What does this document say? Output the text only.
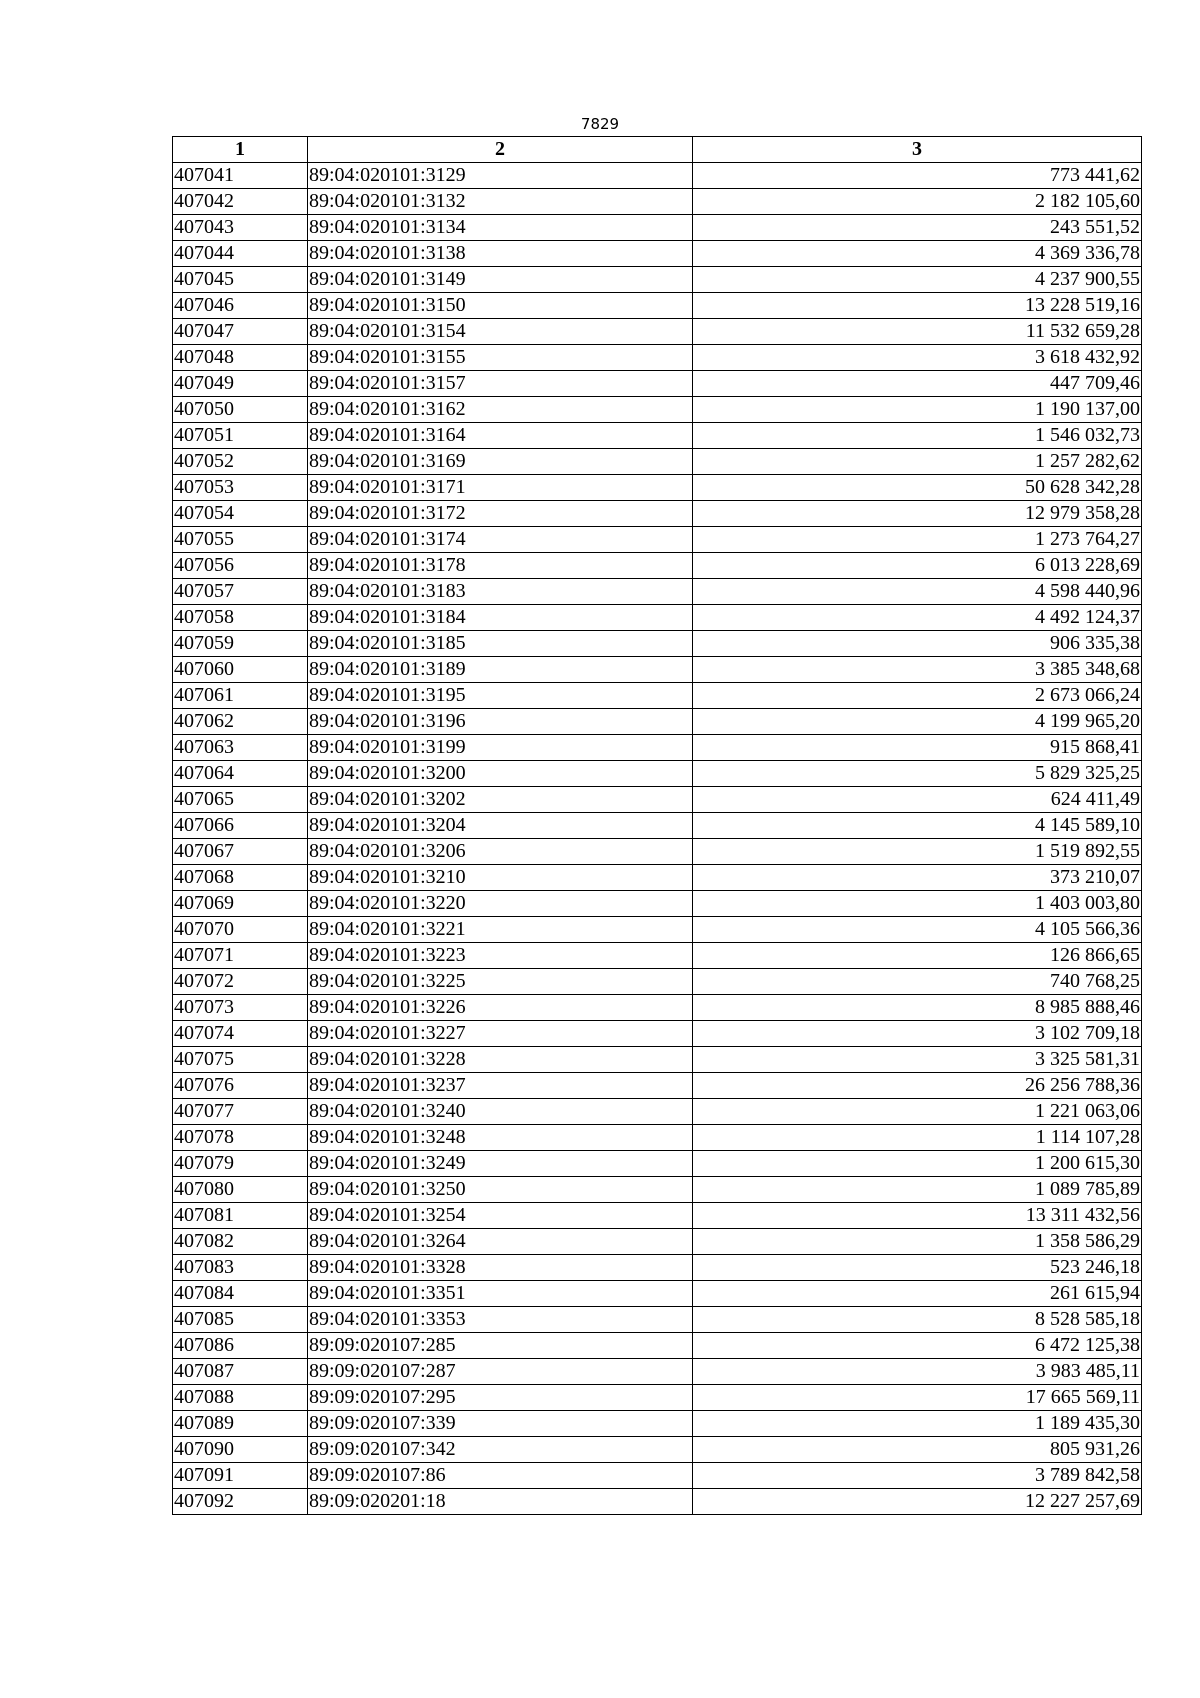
7829
1	2	3
407041	89:04:020101:3129	773 441,62
407042	89:04:020101:3132	2 182 105,60
407043	89:04:020101:3134	243 551,52
407044	89:04:020101:3138	4 369 336,78
407045	89:04:020101:3149	4 237 900,55
407046	89:04:020101:3150	13 228 519,16
407047	89:04:020101:3154	11 532 659,28
407048	89:04:020101:3155	3 618 432,92
407049	89:04:020101:3157	447 709,46
407050	89:04:020101:3162	1 190 137,00
407051	89:04:020101:3164	1 546 032,73
407052	89:04:020101:3169	1 257 282,62
407053	89:04:020101:3171	50 628 342,28
407054	89:04:020101:3172	12 979 358,28
407055	89:04:020101:3174	1 273 764,27
407056	89:04:020101:3178	6 013 228,69
407057	89:04:020101:3183	4 598 440,96
407058	89:04:020101:3184	4 492 124,37
407059	89:04:020101:3185	906 335,38
407060	89:04:020101:3189	3 385 348,68
407061	89:04:020101:3195	2 673 066,24
407062	89:04:020101:3196	4 199 965,20
407063	89:04:020101:3199	915 868,41
407064	89:04:020101:3200	5 829 325,25
407065	89:04:020101:3202	624 411,49
407066	89:04:020101:3204	4 145 589,10
407067	89:04:020101:3206	1 519 892,55
407068	89:04:020101:3210	373 210,07
407069	89:04:020101:3220	1 403 003,80
407070	89:04:020101:3221	4 105 566,36
407071	89:04:020101:3223	126 866,65
407072	89:04:020101:3225	740 768,25
407073	89:04:020101:3226	8 985 888,46
407074	89:04:020101:3227	3 102 709,18
407075	89:04:020101:3228	3 325 581,31
407076	89:04:020101:3237	26 256 788,36
407077	89:04:020101:3240	1 221 063,06
407078	89:04:020101:3248	1 114 107,28
407079	89:04:020101:3249	1 200 615,30
407080	89:04:020101:3250	1 089 785,89
407081	89:04:020101:3254	13 311 432,56
407082	89:04:020101:3264	1 358 586,29
407083	89:04:020101:3328	523 246,18
407084	89:04:020101:3351	261 615,94
407085	89:04:020101:3353	8 528 585,18
407086	89:09:020107:285	6 472 125,38
407087	89:09:020107:287	3 983 485,11
407088	89:09:020107:295	17 665 569,11
407089	89:09:020107:339	1 189 435,30
407090	89:09:020107:342	805 931,26
407091	89:09:020107:86	3 789 842,58
407092	89:09:020201:18	12 227 257,69
